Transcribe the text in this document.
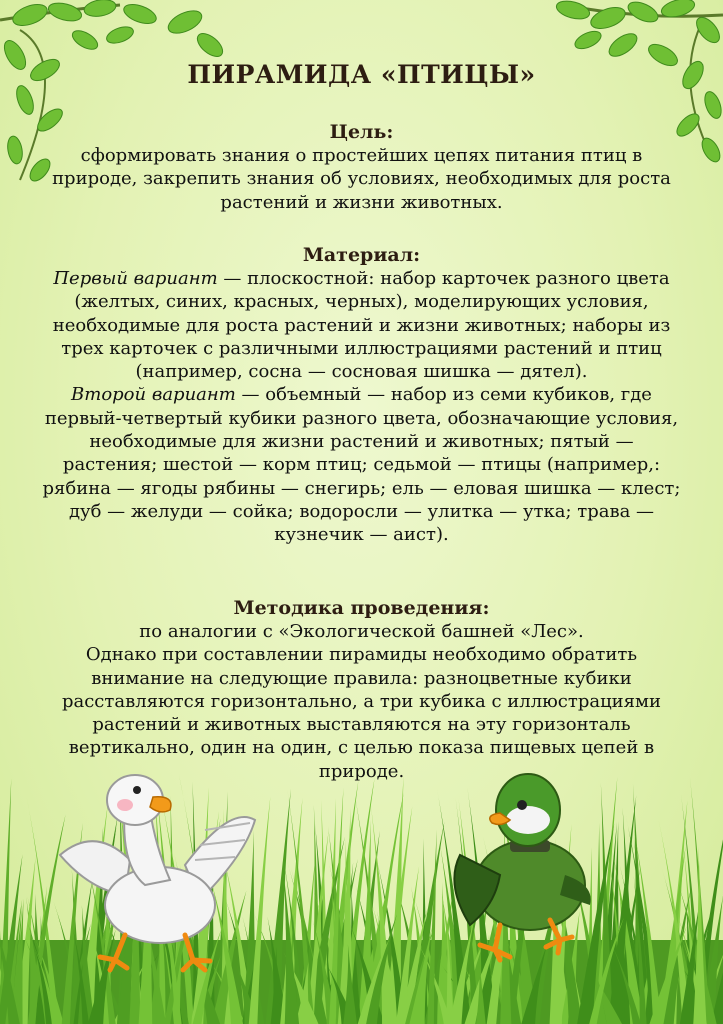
ПИРАМИДА «ПТИЦЫ»
Цель:

сформировать знания о простейших цепях питания птиц в природе, закрепить знания об условиях, необходимых для роста растений и жизни животных.

Материал:

Первый вариант — плоскостной: набор карточек разного цвета (желтых, синих, красных, черных), моделирующих условия, необходимые для роста растений и жизни животных; наборы из трех карточек с различными иллюстрациями растений и птиц (например, сосна — сосновая шишка — дятел).

Второй вариант — объемный — набор из семи кубиков, где первый-четвертый кубики разного цвета, обозначающие условия, необходимые для жизни растений и животных; пятый — растения; шестой — корм птиц; седьмой — птицы (например,: рябина — ягоды рябины — снегирь; ель — еловая шишка — клест; дуб — желуди — сойка; водоросли — улитка — утка; трава — кузнечик — аист).

Методика проведения:

по аналогии с «Экологической башней «Лес».

Однако при составлении пирамиды необходимо обратить внимание на следующие правила: разноцветные кубики расставляются горизонтально, а три кубика с иллюстрациями растений и животных выставляются на эту горизонталь вертикально, один на один, с целью показа пищевых цепей в природе.
